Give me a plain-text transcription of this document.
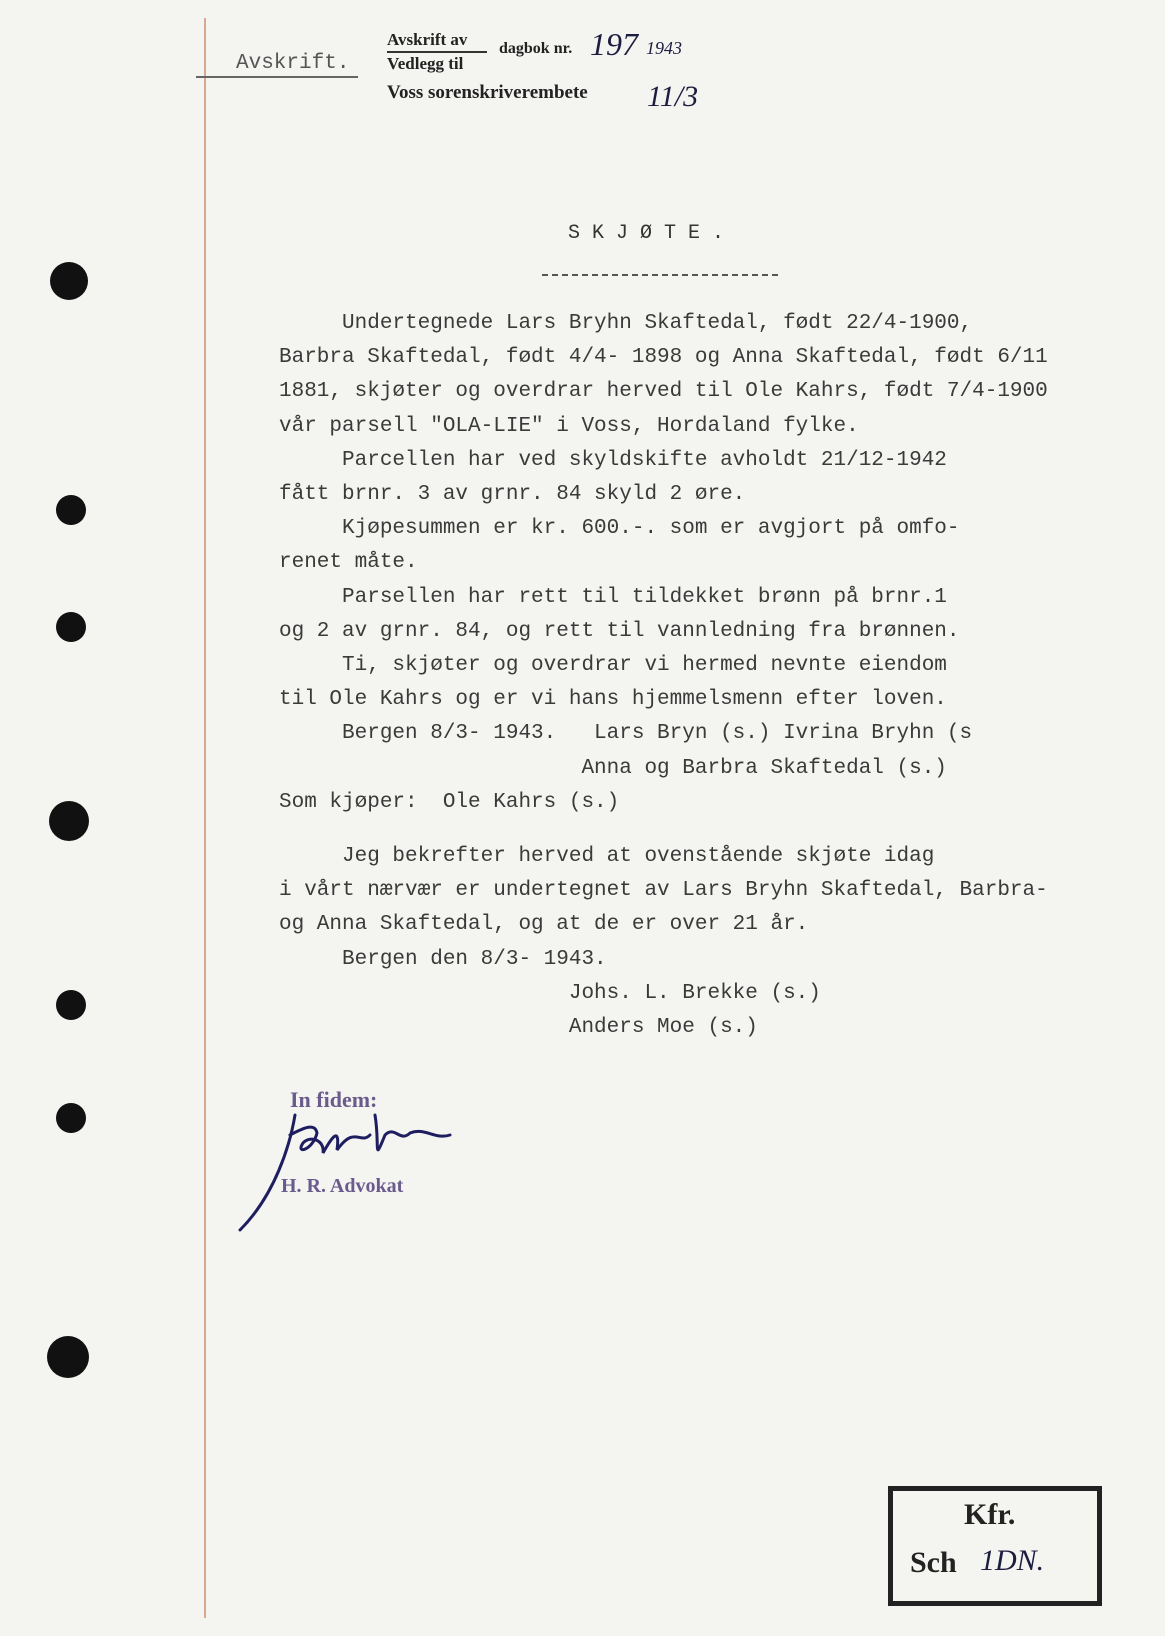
Avskrift.
Avskrift av
Vedlegg til
dagbok nr.
Voss sorenskriverembete
197 1943
11/3
SKJØTE.
Undertegnede Lars Bryhn Skaftedal, født 22/4-1900,
Barbra Skaftedal, født 4/4- 1898 og Anna Skaftedal, født 6/11
1881, skjøter og overdrar herved til Ole Kahrs, født 7/4-1900
vår parsell "OLA-LIE" i Voss, Hordaland fylke.
Parcellen har ved skyldskifte avholdt 21/12-1942
fått brnr. 3 av grnr. 84 skyld 2 øre.
Kjøpesummen er kr. 600.-. som er avgjort på omfo-
renet måte.
Parsellen har rett til tildekket brønn på brnr.1
og 2 av grnr. 84, og rett til vannledning fra brønnen.
Ti, skjøter og overdrar vi hermed nevnte eiendom
til Ole Kahrs og er vi hans hjemmelsmenn efter loven.
Bergen 8/3- 1943.   Lars Bryn (s.) Ivrina Bryhn (s
Anna og Barbra Skaftedal (s.)
Som kjøper:  Ole Kahrs (s.)

Jeg bekrefter herved at ovenstående skjøte idag
i vårt nærvær er undertegnet av Lars Bryhn Skaftedal, Barbra-
og Anna Skaftedal, og at de er over 21 år.
Bergen den 8/3- 1943.
Johs. L. Brekke (s.)
Anders Moe (s.)
In fidem:
H. R. Advokat
Kfr.
Sch 1DN.
